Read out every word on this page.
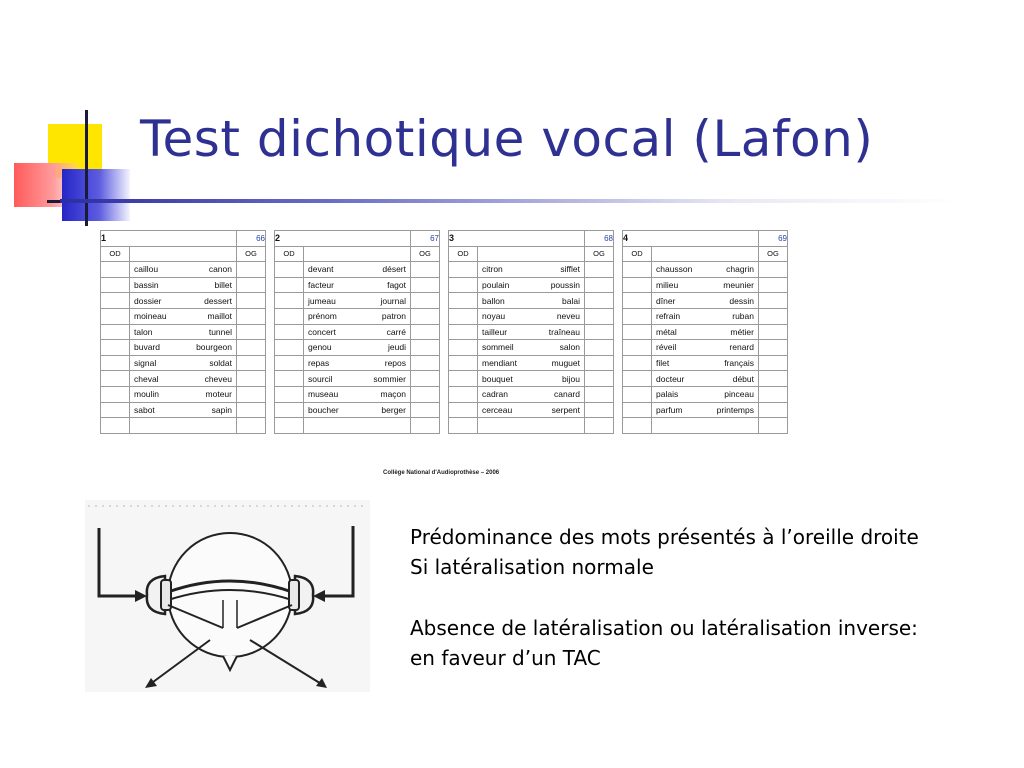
Test dichotique vocal (Lafon)
1		66
OD		OG

	caillou canon	

	bassin billet	

	dossier dessert	

	moineau maillot	

	talon tunnel	

	buvard bourgeon	

	signal soldat	

	cheval cheveu	

	moulin moteur	

	sabot sapin	

2		67
OD		OG

	devant désert	

	facteur fagot	

	jumeau journal	

	prénom patron	

	concert carré	

	genou jeudi	

	repas repos	

	sourcil sommier	

	museau maçon	

	boucher berger	

3		68
OD		OG

	citron sifflet	

	poulain poussin	

	ballon balai	

	noyau neveu	

	tailleur traîneau	

	sommeil salon	

	mendiant muguet	

	bouquet bijou	

	cadran canard	

	cerceau serpent	

4		69
OD		OG

	chausson chagrin	

	milieu meunier	

	dîner dessin	

	refrain ruban	

	métal métier	

	réveil renard	

	filet français	

	docteur début	

	palais pinceau	

	parfum printemps	

Collège National d'Audioprothèse – 2006

Prédominance des mots présentés à l’oreille droite

Si latéralisation normale

Absence de latéralisation ou latéralisation inverse:

en faveur d’un TAC
